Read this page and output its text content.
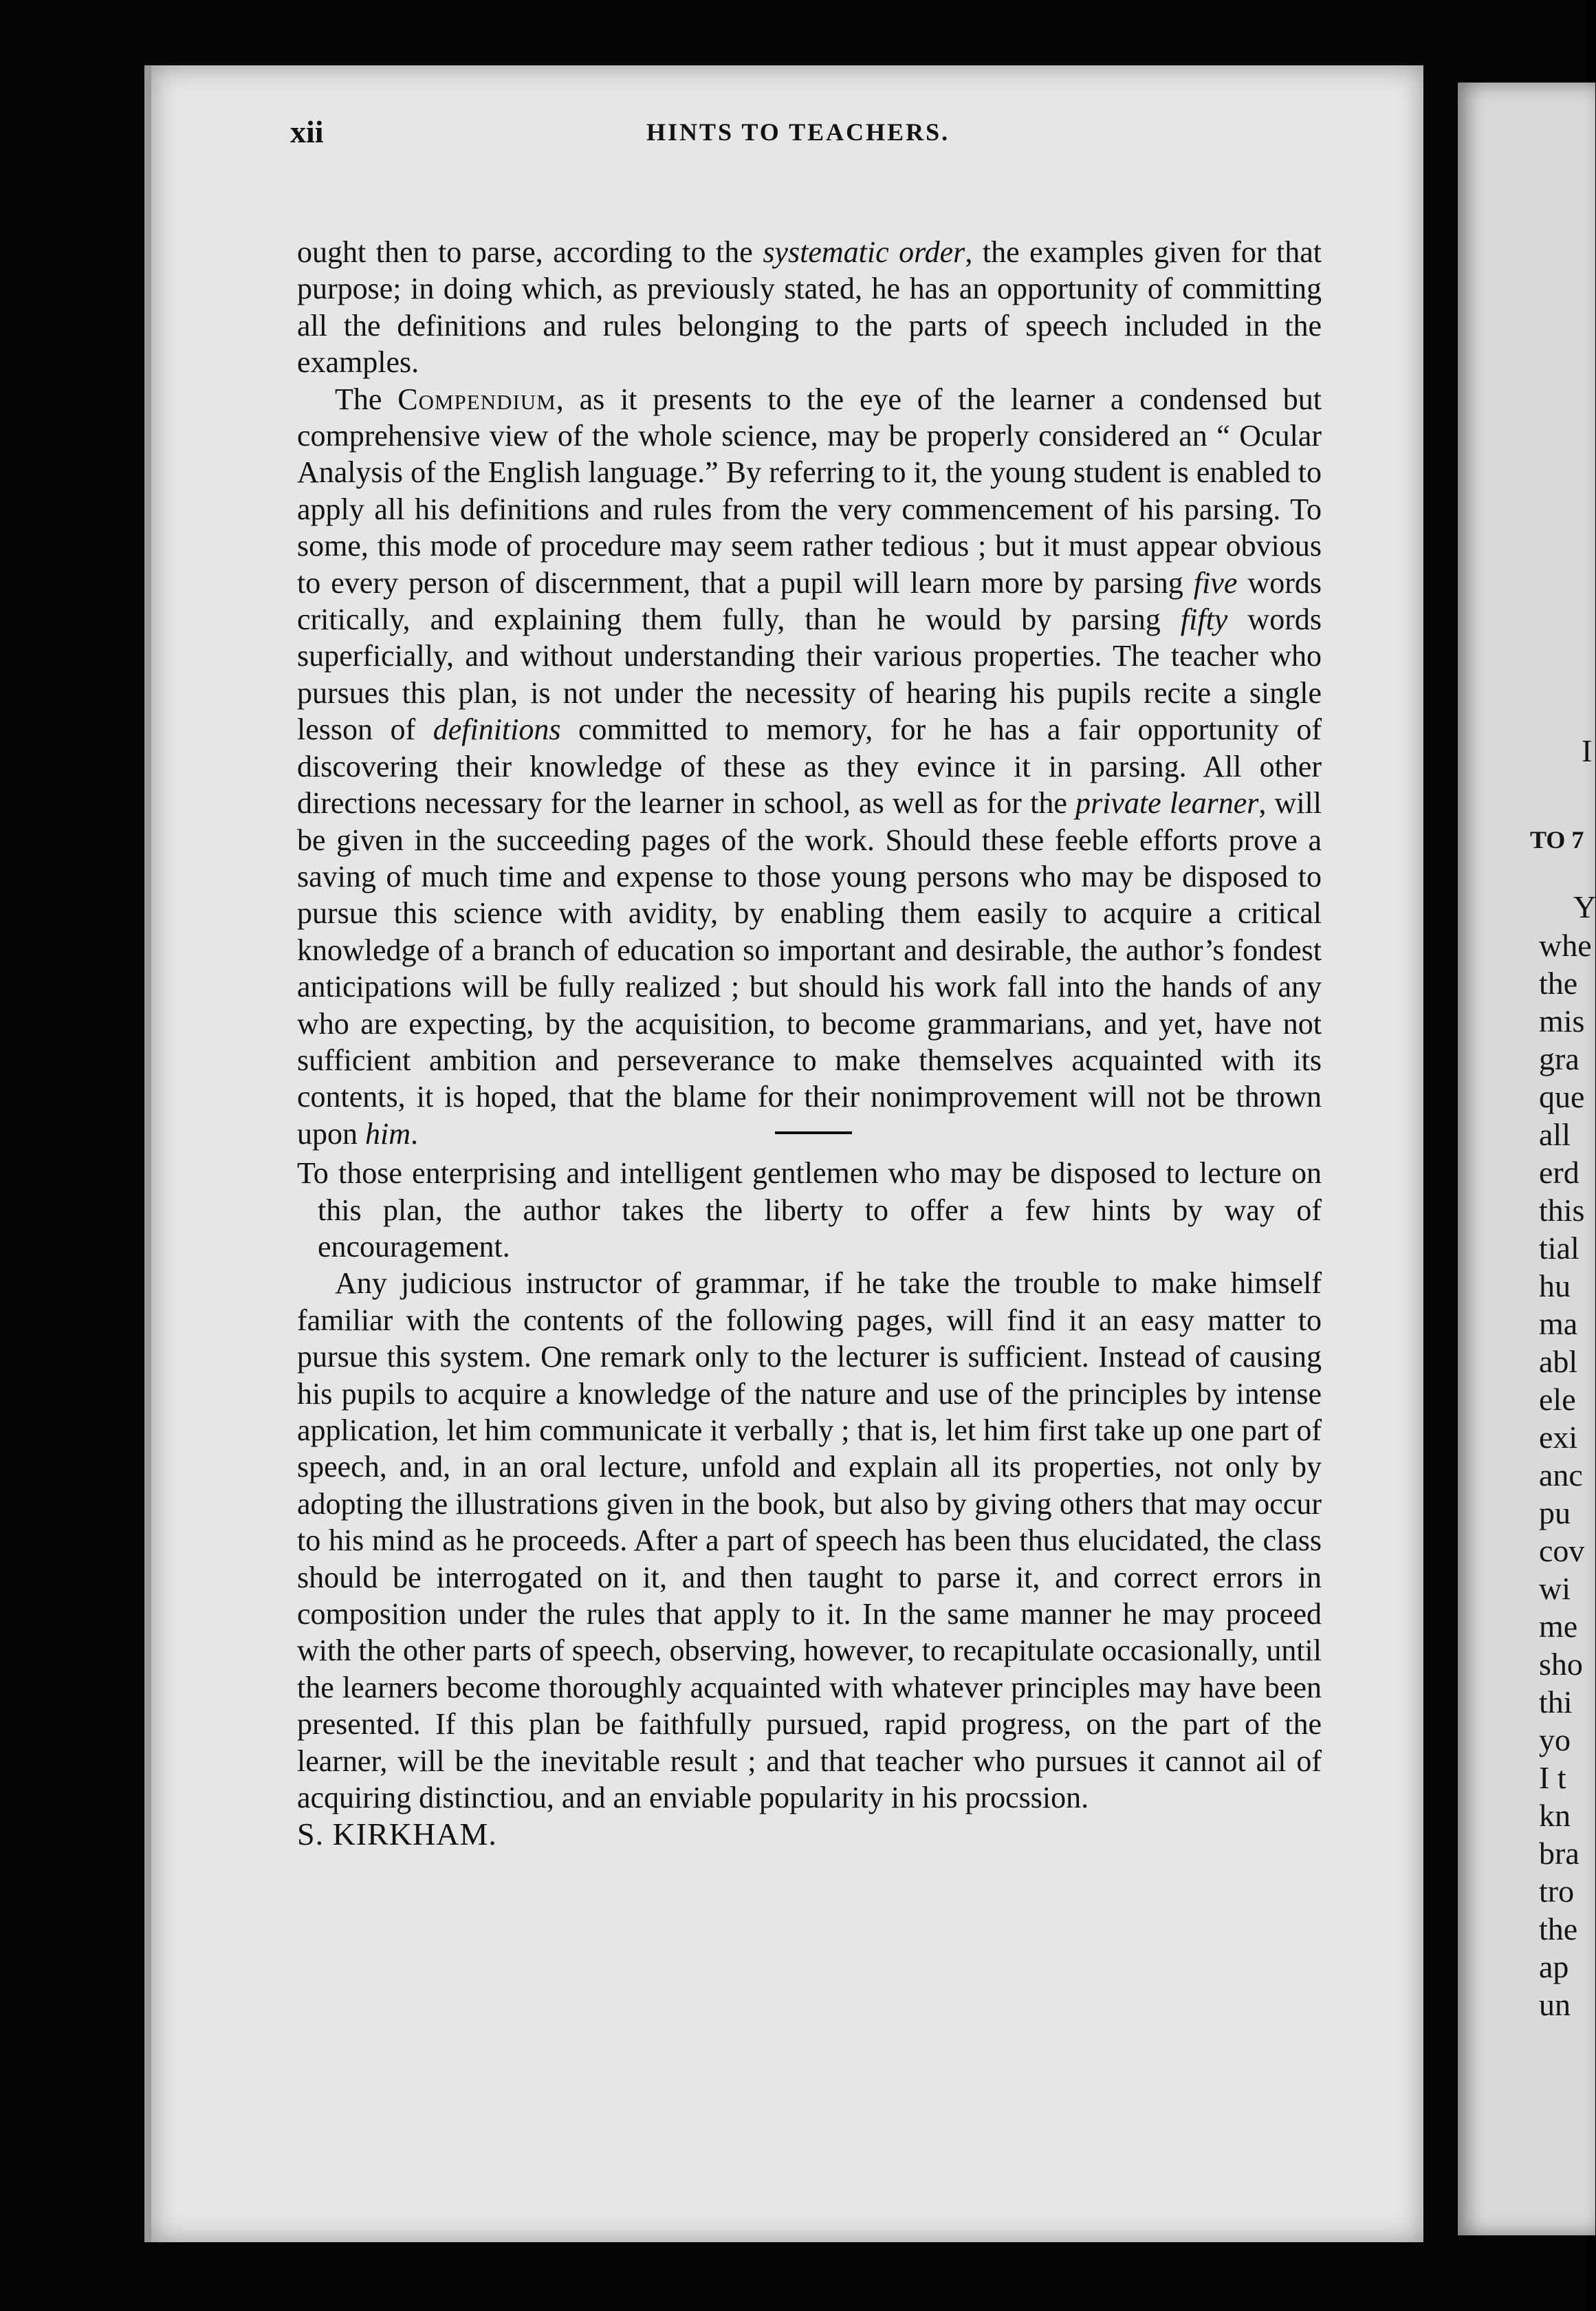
I
TO 7
Y
whe
the
mis
gra
que
all
erd
this
tial
hu
ma
abl
ele
exi
anc
pu
cov
wi
me
sho
thi
yo
I t
kn
bra
tro
the
ap
un
xii	HINTS TO TEACHERS.

ought then to parse, according to the systematic order, the examples given for that purpose; in doing which, as previously stated, he has an opportunity of committing all the definitions and rules belonging to the parts of speech included in the examples.

The Compendium, as it presents to the eye of the learner a condensed but comprehensive view of the whole science, may be properly considered an “ Ocular Analysis of the English language.” By referring to it, the young student is enabled to apply all his definitions and rules from the very commencement of his parsing. To some, this mode of procedure may seem rather tedious ; but it must appear obvious to every person of discernment, that a pupil will learn more by parsing five words critically, and explaining them fully, than he would by parsing fifty words superficially, and without understanding their various properties. The teacher who pursues this plan, is not under the necessity of hearing his pupils recite a single lesson of definitions committed to memory, for he has a fair opportunity of discovering their knowledge of these as they evince it in parsing. All other directions necessary for the learner in school, as well as for the private learner, will be given in the succeeding pages of the work. Should these feeble efforts prove a saving of much time and expense to those young persons who may be disposed to pursue this science with avidity, by enabling them easily to acquire a critical knowledge of a branch of education so important and desirable, the author’s fondest anticipations will be fully realized ; but should his work fall into the hands of any who are expecting, by the acquisition, to become grammarians, and yet, have not sufficient ambition and perseverance to make themselves acquainted with its contents, it is hoped, that the blame for their nonimprovement will not be thrown upon him.

To those enterprising and intelligent gentlemen who may be disposed to lecture on this plan, the author takes the liberty to offer a few hints by way of encouragement.

Any judicious instructor of grammar, if he take the trouble to make himself familiar with the contents of the following pages, will find it an easy matter to pursue this system. One remark only to the lecturer is sufficient. Instead of causing his pupils to acquire a knowledge of the nature and use of the principles by intense application, let him communicate it verbally ; that is, let him first take up one part of speech, and, in an oral lecture, unfold and explain all its properties, not only by adopting the illustrations given in the book, but also by giving others that may occur to his mind as he proceeds. After a part of speech has been thus elucidated, the class should be interrogated on it, and then taught to parse it, and correct errors in composition under the rules that apply to it. In the same manner he may proceed with the other parts of speech, observing, however, to recapitulate occasionally, until the learners become thoroughly acquainted with whatever principles may have been presented. If this plan be faithfully pursued, rapid progress, on the part of the learner, will be the inevitable result ; and that teacher who pursues it cannot ail of acquiring distinctiou, and an enviable popularity in his procssion.

S. KIRKHAM.
